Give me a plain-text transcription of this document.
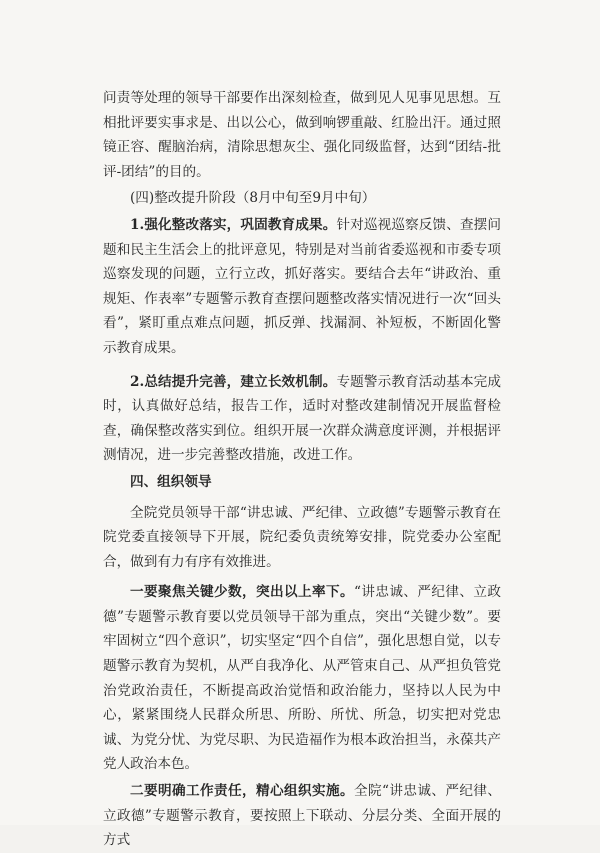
问责等处理的领导干部要作出深刻检查，做到见人见事见思想。互相批评要实事求是、出以公心，做到响锣重敲、红脸出汗。通过照镜正容、醒脑治病，清除思想灰尘、强化同级监督，达到“团结-批评-团结”的目的。

(四)整改提升阶段（8月中旬至9月中旬）

1.强化整改落实，巩固教育成果。针对巡视巡察反馈、查摆问题和民主生活会上的批评意见，特别是对当前省委巡视和市委专项巡察发现的问题，立行立改，抓好落实。要结合去年“讲政治、重规矩、作表率”专题警示教育查摆问题整改落实情况进行一次“回头看”，紧盯重点难点问题，抓反弹、找漏洞、补短板，不断固化警示教育成果。

2.总结提升完善，建立长效机制。专题警示教育活动基本完成时，认真做好总结，报告工作，适时对整改建制情况开展监督检查，确保整改落实到位。组织开展一次群众满意度评测，并根据评测情况，进一步完善整改措施，改进工作。

四、组织领导

全院党员领导干部“讲忠诚、严纪律、立政德”专题警示教育在院党委直接领导下开展，院纪委负责统筹安排，院党委办公室配合，做到有力有序有效推进。

一要聚焦关键少数，突出以上率下。“讲忠诚、严纪律、立政德”专题警示教育要以党员领导干部为重点，突出“关键少数”。要牢固树立“四个意识”，切实坚定“四个自信”，强化思想自觉，以专题警示教育为契机，从严自我净化、从严管束自己、从严担负管党治党政治责任，不断提高政治觉悟和政治能力，坚持以人民为中心，紧紧围绕人民群众所思、所盼、所忧、所急，切实把对党忠诚、为党分忧、为党尽职、为民造福作为根本政治担当，永葆共产党人政治本色。

二要明确工作责任，精心组织实施。全院“讲忠诚、严纪律、立政德”专题警示教育，要按照上下联动、分层分类、全面开展的方式
